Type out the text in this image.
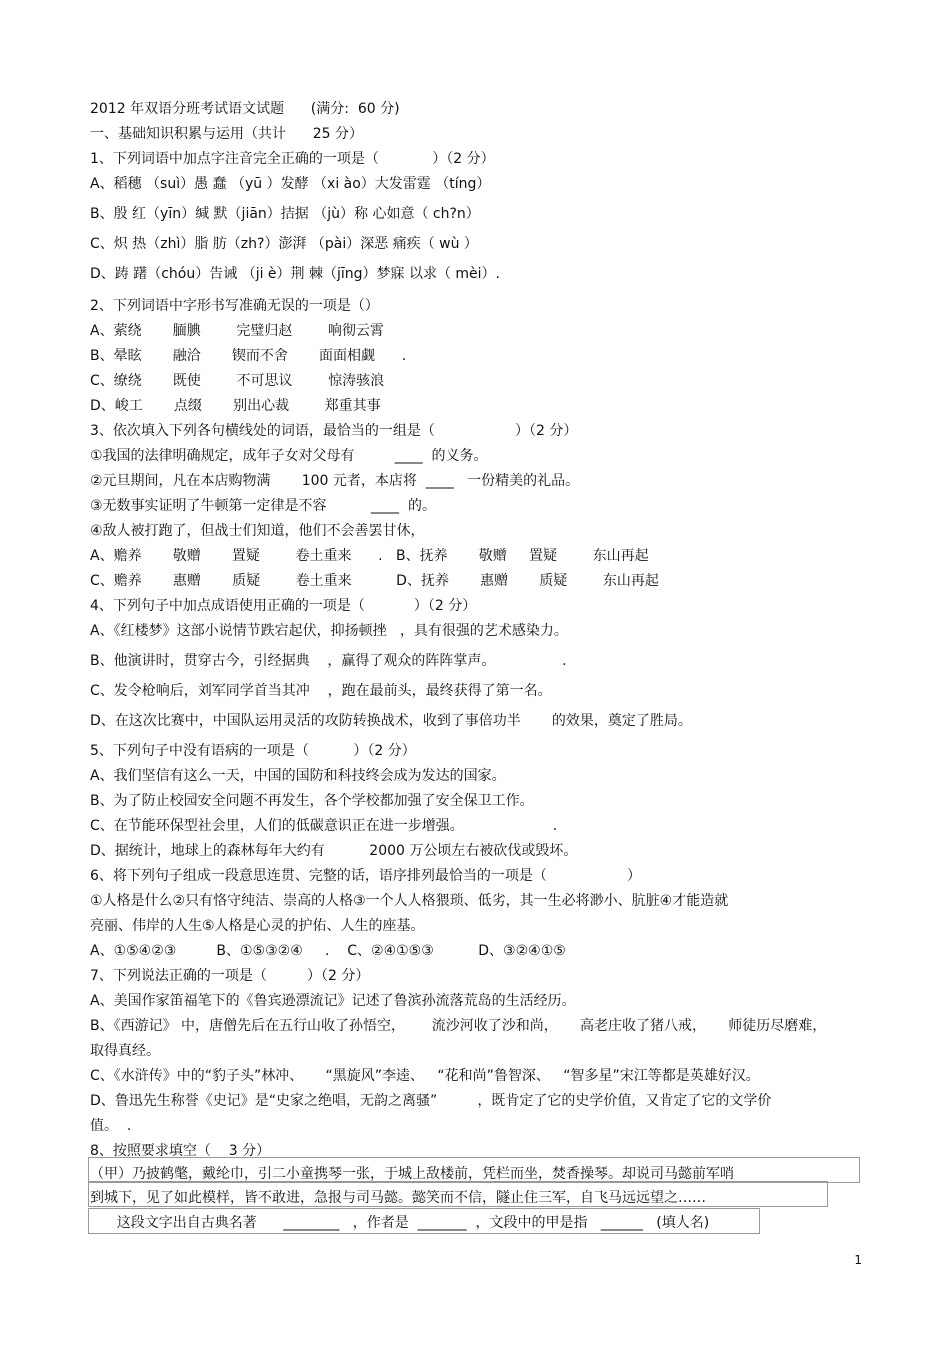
2012 年双语分班考试语文试题      (满分:  60 分)
一、基础知识积累与运用（共计      25 分）
1、下列词语中加点字注音完全正确的一项是（            ）（2 分）
A、稻穗 （suì）愚 蠢 （yū ）发酵 （xi ào）大发雷霆 （tíng）
B、殷 红（yīn）缄 默（jiān）拮据 （jù）称 心如意（ ch?n）
C、炽 热（zhì）脂 肪（zh?）澎湃 （pài）深恶 痛疾（ wù ）
D、踌 躇（chóu）告诫 （ji è）荆 棘（jīng）梦寐 以求（ mèi）.
2、下列词语中字形书写准确无误的一项是（）
A、萦绕       腼腆        完璧归赵        响彻云霄
B、晕眩       融洽       锲而不舍       面面相觑      .
C、缭绕       既使        不可思议        惊涛骇浪
D、峻工       点缀       别出心裁        郑重其事
3、依次填入下列各句横线处的词语，最恰当的一组是（                  ）（2 分）
①我国的法律明确规定，成年子女对父母有         ____  的义务。
②元旦期间，凡在本店购物满       100 元者，本店将  ____   一份精美的礼品。
③无数事实证明了牛顿第一定律是不容          ____  的。
④敌人被打跑了，但战士们知道，他们不会善罢甘休，
A、赡养       敬赠       置疑        卷土重来      .   B、抚养       敬赠     置疑        东山再起
C、赡养       惠赠       质疑        卷土重来          D、抚养       惠赠       质疑        东山再起
4、下列句子中加点成语使用正确的一项是（           ）（2 分）
A、《红楼梦》这部小说情节跌宕起伏，抑扬顿挫   ，具有很强的艺术感染力。
B、他演讲时，贯穿古今，引经据典    ，赢得了观众的阵阵掌声。               .
C、发令枪响后，刘军同学首当其冲    ，跑在最前头，最终获得了第一名。
D、在这次比赛中，中国队运用灵活的攻防转换战术，收到了事倍功半       的效果，奠定了胜局。
5、下列句子中没有语病的一项是（          ）（2 分）
A、我们坚信有这么一天，中国的国防和科技终会成为发达的国家。
B、为了防止校园安全问题不再发生，各个学校都加强了安全保卫工作。
C、在节能环保型社会里，人们的低碳意识正在进一步增强。                    .
D、据统计，地球上的森林每年大约有          2000 万公顷左右被砍伐或毁坏。
6、将下列句子组成一段意思连贯、完整的话，语序排列最恰当的一项是（                  ）
①人格是什么②只有恪守纯洁、崇高的人格③一个人人格猥琐、低劣，其一生必将渺小、肮脏④才能造就
亮丽、伟岸的人生⑤人格是心灵的护佑、人生的座基。
A、①⑤④②③         B、①⑤③②④     .    C、②④①⑤③          D、③②④①⑤
7、下列说法正确的一项是（         ）（2 分）
A、美国作家笛福笔下的《鲁宾逊漂流记》记述了鲁滨孙流落荒岛的生活经历。
B、《西游记》 中，唐僧先后在五行山收了孙悟空，      流沙河收了沙和尚，     高老庄收了猪八戒，     师徒历尽磨难，
取得真经。
C、《水浒传》中的“豹子头”林冲、     “黑旋风”李逵、   “花和尚”鲁智深、   “智多星”宋江等都是英雄好汉。
D、鲁迅先生称誉《史记》是“史家之绝唱，无韵之离骚”         ，既肯定了它的史学价值，又肯定了它的文学价
值。  .
8、按照要求填空（    3 分）
（甲）乃披鹤氅，戴纶巾，引二小童携琴一张，于城上敌楼前，凭栏而坐，焚香操琴。却说司马懿前军哨
到城下，见了如此模样，皆不敢进，急报与司马懿。懿笑而不信，隧止住三军，自飞马远远望之……
这段文字出自古典名著      ________   ，作者是  _______  ，文段中的甲是指   ______   (填人名)
1
